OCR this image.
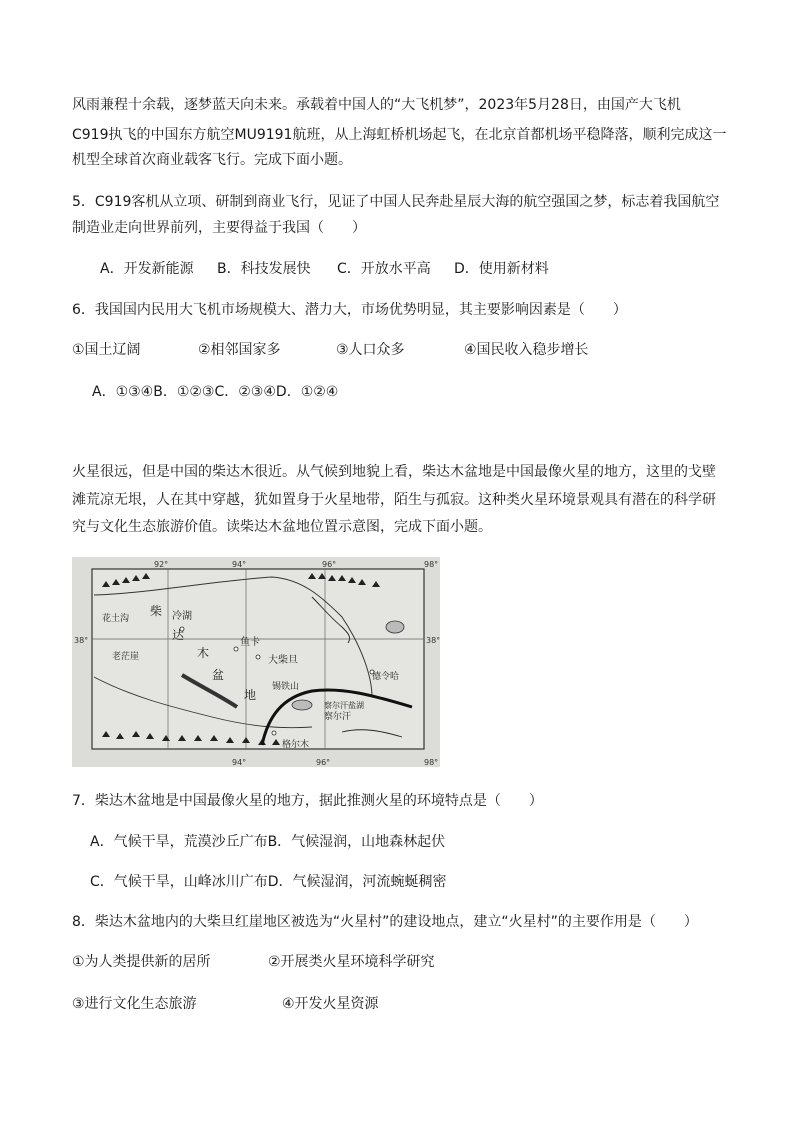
风雨兼程十余载，逐梦蓝天向未来。承载着中国人的“大飞机梦”，2023年5月28日，由国产大飞机
C919执飞的中国东方航空MU9191航班，从上海虹桥机场起飞，在北京首都机场平稳降落，顺利完成这一
机型全球首次商业载客飞行。完成下面小题。
5．C919客机从立项、研制到商业飞行，见证了中国人民奔赴星辰大海的航空强国之梦，标志着我国航空
制造业走向世界前列，主要得益于我国（　　）
A．开发新能源 B．科技发展快 C．开放水平高 D．使用新材料
6．我国国内民用大飞机市场规模大、潜力大，市场优势明显，其主要影响因素是（　　）
①国土辽阔	②相邻国家多	③人口众多	④国民收入稳步增长
A．①③④B．①②③C．②③④D．①②④
火星很远，但是中国的柴达木很近。从气候到地貌上看，柴达木盆地是中国最像火星的地方，这里的戈壁
滩荒凉无垠，人在其中穿越，犹如置身于火星地带，陌生与孤寂。这种类火星环境景观具有潜在的科学研
究与文化生态旅游价值。读柴达木盆地位置示意图，完成下面小题。
92°	94°	96°	98°
38°	38°
94°	96°	98°
冷湖
花土沟
老茫崖
鱼卡
大柴旦
锡铁山
德令哈
察尔汗
察尔汗盐湖
格尔木
柴
达
木
盆
地
7．柴达木盆地是中国最像火星的地方，据此推测火星的环境特点是（　　）
A．气候干旱，荒漠沙丘广布B．气候湿润，山地森林起伏
C．气候干旱，山峰冰川广布D．气候湿润，河流蜿蜒稠密
8．柴达木盆地内的大柴旦红崖地区被选为“火星村”的建设地点，建立“火星村”的主要作用是（　　）
①为人类提供新的居所	②开展类火星环境科学研究
③进行文化生态旅游	④开发火星资源
